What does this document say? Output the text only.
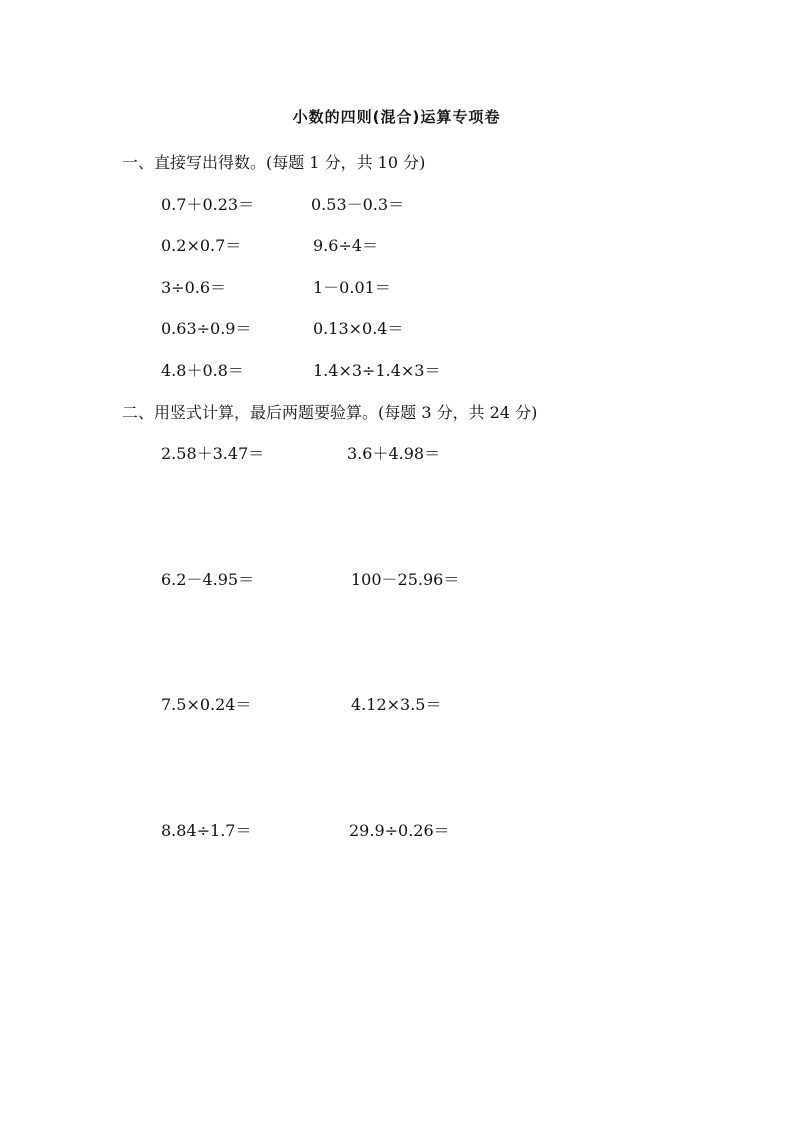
小数的四则(混合)运算专项卷
一、直接写出得数。(每题 1 分，共 10 分)
0.7＋0.23＝	0.53－0.3＝
0.2×0.7＝	9.6÷4＝
3÷0.6＝	1－0.01＝
0.63÷0.9＝	0.13×0.4＝
4.8＋0.8＝	1.4×3÷1.4×3＝
二、用竖式计算，最后两题要验算。(每题 3 分，共 24 分)
2.58＋3.47＝	3.6＋4.98＝
6.2－4.95＝	100－25.96＝
7.5×0.24＝	4.12×3.5＝
8.84÷1.7＝	29.9÷0.26＝
